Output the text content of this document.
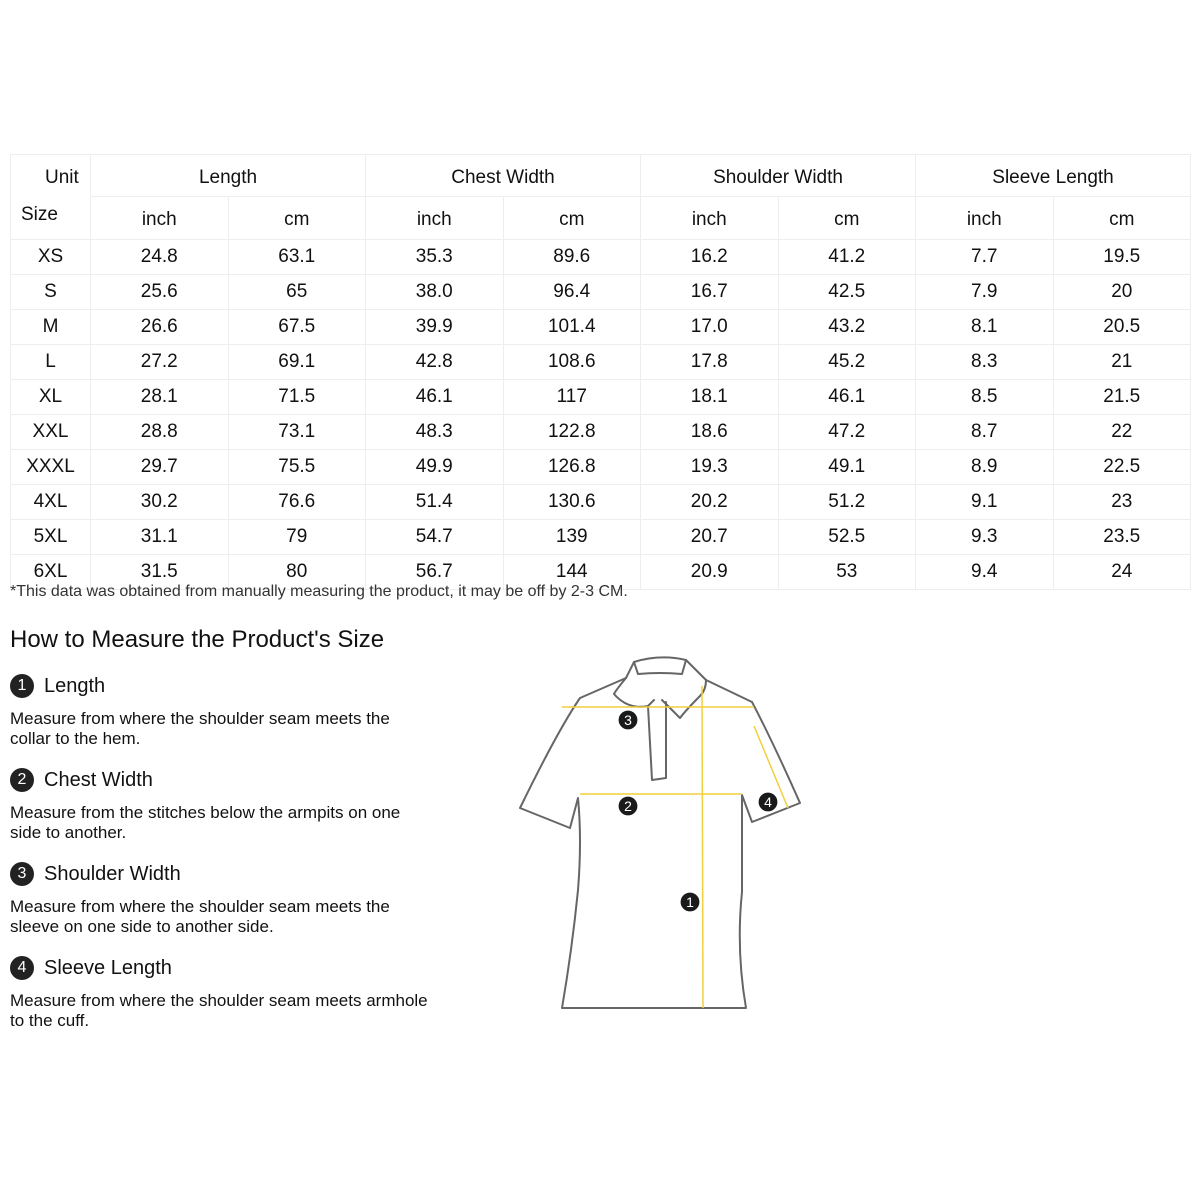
Unit
Size	Length		Chest Width		Shoulder Width		Sleeve Length	
	inch	cm	inch	cm	inch	cm	inch	cm
XS	24.8	63.1	35.3	89.6	16.2	41.2	7.7	19.5
S	25.6	65	38.0	96.4	16.7	42.5	7.9	20
M	26.6	67.5	39.9	101.4	17.0	43.2	8.1	20.5
L	27.2	69.1	42.8	108.6	17.8	45.2	8.3	21
XL	28.1	71.5	46.1	117	18.1	46.1	8.5	21.5
XXL	28.8	73.1	48.3	122.8	18.6	47.2	8.7	22
XXXL	29.7	75.5	49.9	126.8	19.3	49.1	8.9	22.5
4XL	30.2	76.6	51.4	130.6	20.2	51.2	9.1	23
5XL	31.1	79	54.7	139	20.7	52.5	9.3	23.5
6XL	31.5	80	56.7	144	20.9	53	9.4	24
*This data was obtained from manually measuring the product, it may be off by 2-3 CM.
How to Measure the Product's Size
1 Length
Measure from where the shoulder seam meets the collar to the hem.
2 Chest Width
Measure from the stitches below the armpits on one side to another.
3 Shoulder Width
Measure from where the shoulder seam meets the sleeve on one side to another side.
4 Sleeve Length
Measure from where the shoulder seam meets armhole to the cuff.
3
2	4
1
